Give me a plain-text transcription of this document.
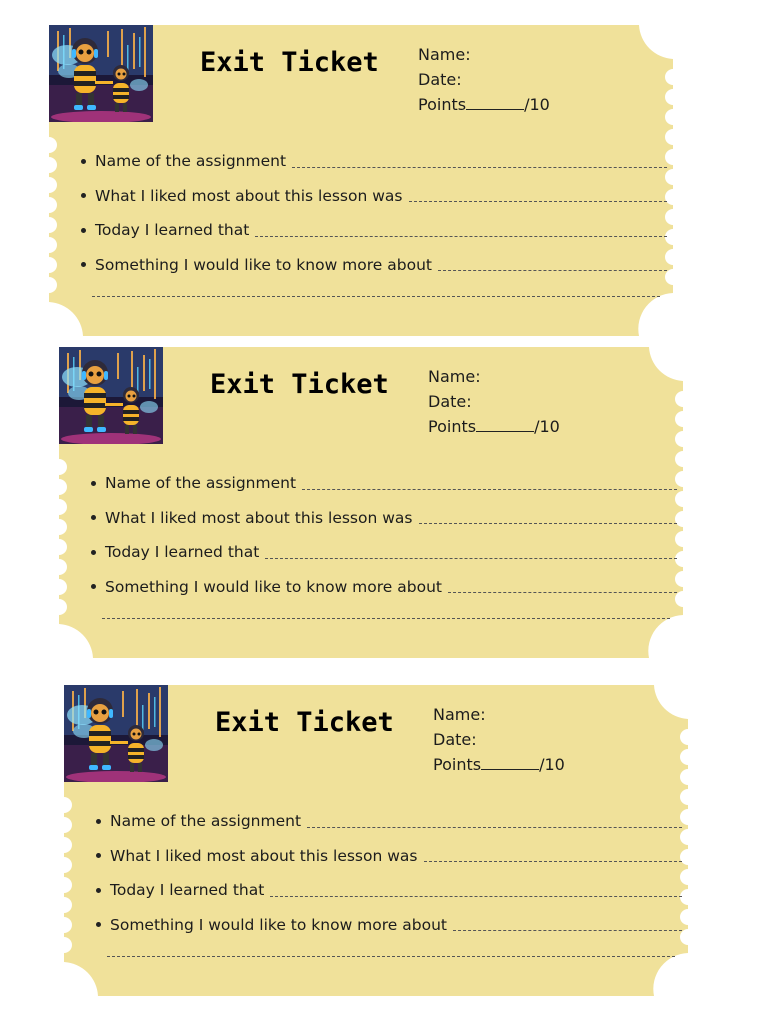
Exit Ticket Name:
Date:
Points	/10
Name of the assignment
What I liked most about this lesson was
Today I learned that
Something I would like to know more about
Exit Ticket Name:
Date:
Points	/10
Name of the assignment
What I liked most about this lesson was
Today I learned that
Something I would like to know more about
Exit Ticket Name:
Date:
Points	/10
Name of the assignment
What I liked most about this lesson was
Today I learned that
Something I would like to know more about
